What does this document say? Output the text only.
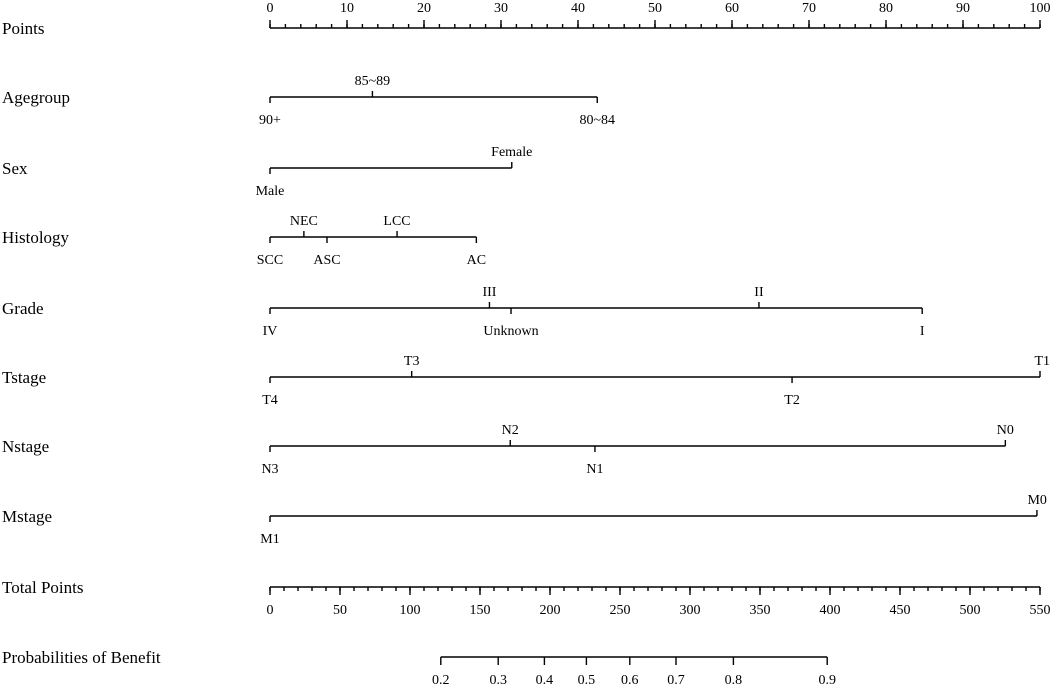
Points
0	10	20	30	40	50	60	70	80	90	100
Agegroup
90+
85~89
80~84
Sex
Male
Female
Histology
SCC
NEC
ASC
LCC
AC
Grade
IV
III
Unknown
II
I
Tstage
T4
T3
T2
T1
Nstage
N3
N2
N1
N0
Mstage
M1
M0
Total Points
0	50	100	150	200	250	300	350	400	450	500	550
Probabilities of Benefit
0.2	0.3 0.4 0.5 0.6 0.7	0.8	0.9
